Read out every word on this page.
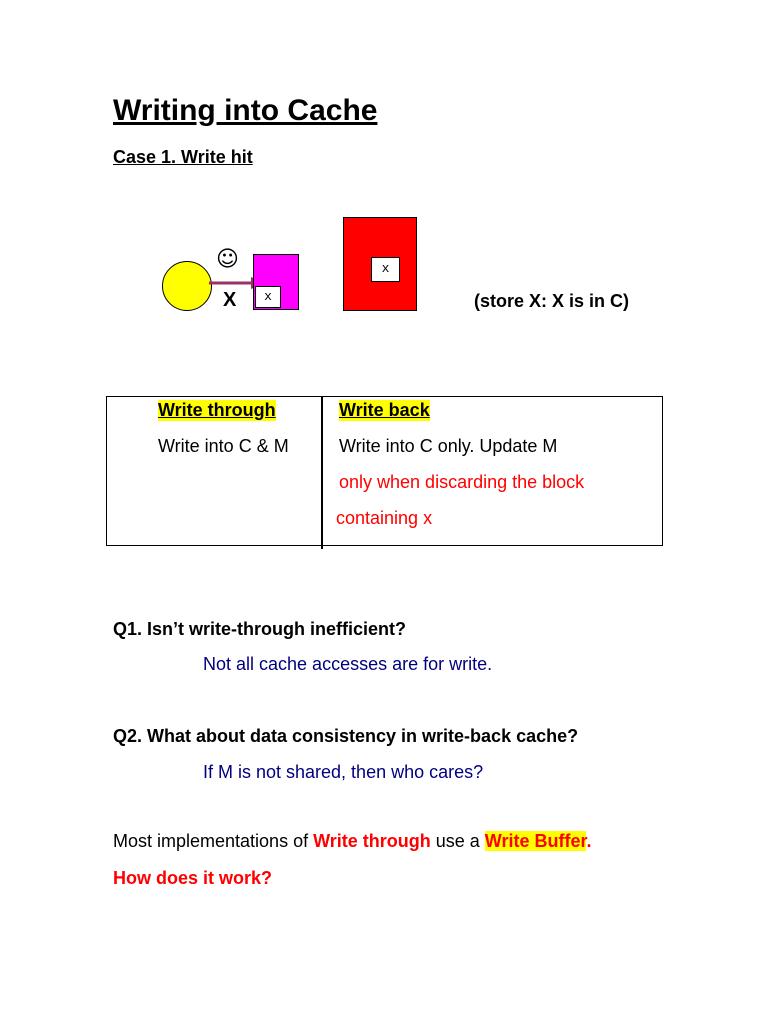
Writing into Cache
Case 1. Write hit
☺
X	x
x
(store X: X is in C)
Write through	Write back
Write into C & M	Write into C only. Update M
only when discarding the block
containing x
Q1. Isn’t write-through inefficient?
Not all cache accesses are for write.
Q2. What about data consistency in write-back cache?
If M is not shared, then who cares?
Most implementations of Write through use a Write Buffer.
How does it work?
